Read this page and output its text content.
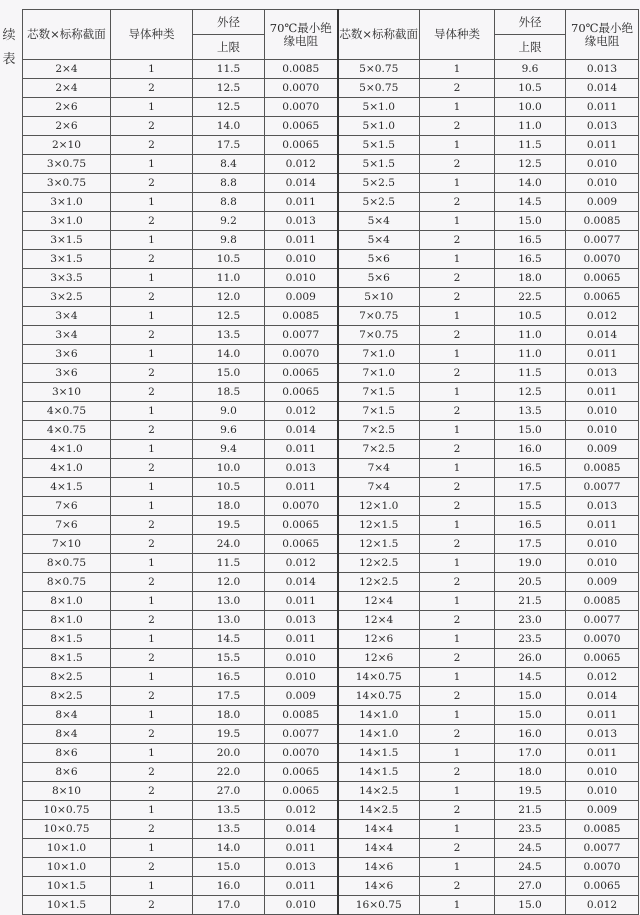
续
表
芯数×标称截面	导体种类	外径	70℃最小绝缘电阻	芯数×标称截面	导体种类	外径	70℃最小绝缘电阻
		上限				上限	
2×4	1	11.5	0.0085	5×0.75	1	9.6	0.013
2×4	2	12.5	0.0070	5×0.75	2	10.5	0.014
2×6	1	12.5	0.0070	5×1.0	1	10.0	0.011
2×6	2	14.0	0.0065	5×1.0	2	11.0	0.013
2×10	2	17.5	0.0065	5×1.5	1	11.5	0.011
3×0.75	1	8.4	0.012	5×1.5	2	12.5	0.010
3×0.75	2	8.8	0.014	5×2.5	1	14.0	0.010
3×1.0	1	8.8	0.011	5×2.5	2	14.5	0.009
3×1.0	2	9.2	0.013	5×4	1	15.0	0.0085
3×1.5	1	9.8	0.011	5×4	2	16.5	0.0077
3×1.5	2	10.5	0.010	5×6	1	16.5	0.0070
3×3.5	1	11.0	0.010	5×6	2	18.0	0.0065
3×2.5	2	12.0	0.009	5×10	2	22.5	0.0065
3×4	1	12.5	0.0085	7×0.75	1	10.5	0.012
3×4	2	13.5	0.0077	7×0.75	2	11.0	0.014
3×6	1	14.0	0.0070	7×1.0	1	11.0	0.011
3×6	2	15.0	0.0065	7×1.0	2	11.5	0.013
3×10	2	18.5	0.0065	7×1.5	1	12.5	0.011
4×0.75	1	9.0	0.012	7×1.5	2	13.5	0.010
4×0.75	2	9.6	0.014	7×2.5	1	15.0	0.010
4×1.0	1	9.4	0.011	7×2.5	2	16.0	0.009
4×1.0	2	10.0	0.013	7×4	1	16.5	0.0085
4×1.5	1	10.5	0.011	7×4	2	17.5	0.0077
7×6	1	18.0	0.0070	12×1.0	2	15.5	0.013
7×6	2	19.5	0.0065	12×1.5	1	16.5	0.011
7×10	2	24.0	0.0065	12×1.5	2	17.5	0.010
8×0.75	1	11.5	0.012	12×2.5	1	19.0	0.010
8×0.75	2	12.0	0.014	12×2.5	2	20.5	0.009
8×1.0	1	13.0	0.011	12×4	1	21.5	0.0085
8×1.0	2	13.0	0.013	12×4	2	23.0	0.0077
8×1.5	1	14.5	0.011	12×6	1	23.5	0.0070
8×1.5	2	15.5	0.010	12×6	2	26.0	0.0065
8×2.5	1	16.5	0.010	14×0.75	1	14.5	0.012
8×2.5	2	17.5	0.009	14×0.75	2	15.0	0.014
8×4	1	18.0	0.0085	14×1.0	1	15.0	0.011
8×4	2	19.5	0.0077	14×1.0	2	16.0	0.013
8×6	1	20.0	0.0070	14×1.5	1	17.0	0.011
8×6	2	22.0	0.0065	14×1.5	2	18.0	0.010
8×10	2	27.0	0.0065	14×2.5	1	19.5	0.010
10×0.75	1	13.5	0.012	14×2.5	2	21.5	0.009
10×0.75	2	13.5	0.014	14×4	1	23.5	0.0085
10×1.0	1	14.0	0.011	14×4	2	24.5	0.0077
10×1.0	2	15.0	0.013	14×6	1	24.5	0.0070
10×1.5	1	16.0	0.011	14×6	2	27.0	0.0065
10×1.5	2	17.0	0.010	16×0.75	1	15.0	0.012
